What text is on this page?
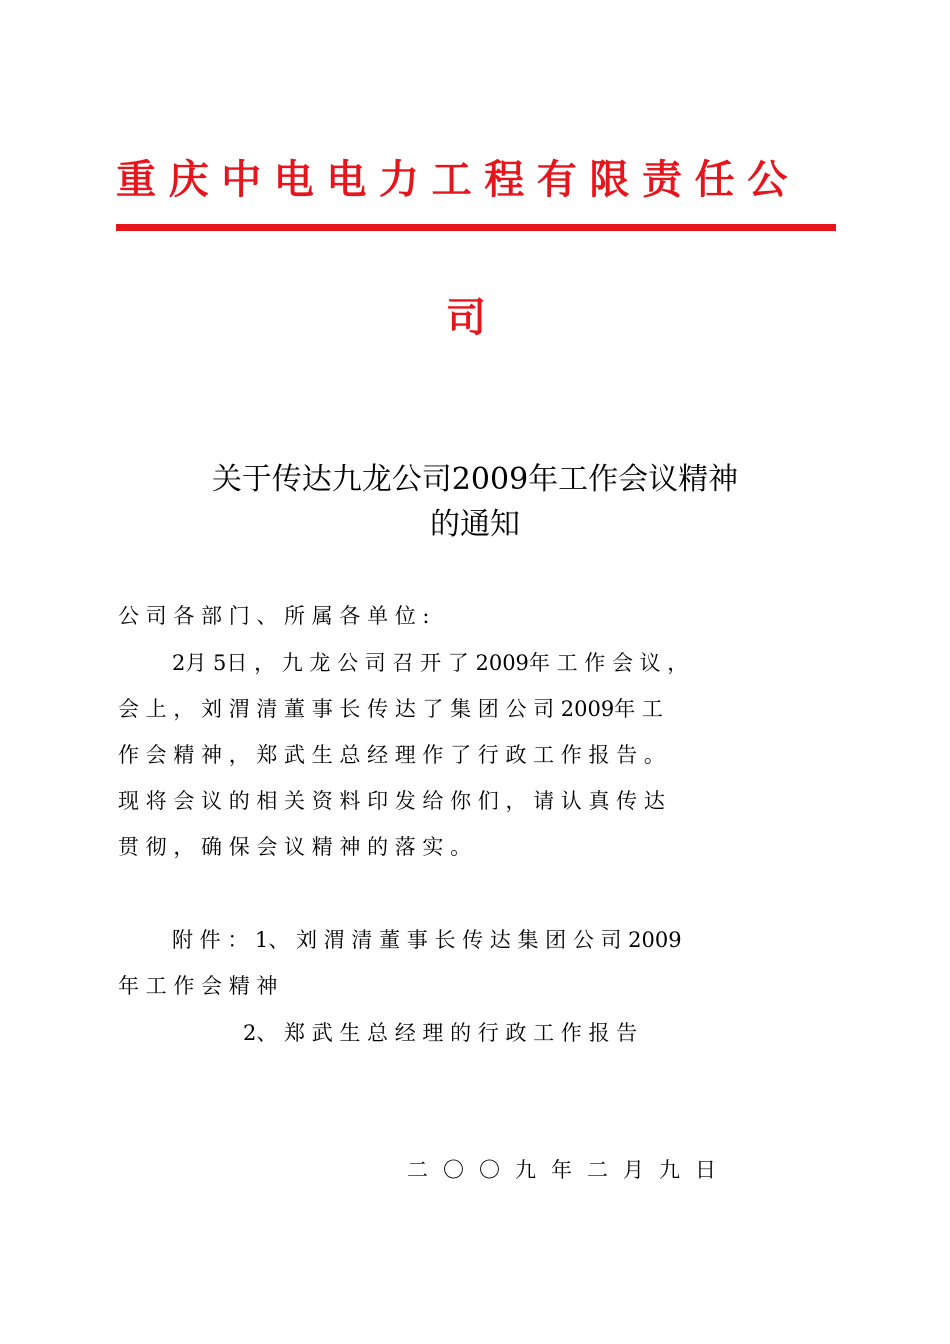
重庆中电电力工程有限责任公
司
关于传达九龙公司2009年工作会议精神
的通知
公 司 各 部 门 、 所 属 各 单 位 :
2月 5日 ， 九 龙 公 司 召 开 了 2009年 工 作 会 议 ，
会 上 ， 刘 渭 清 董 事 长 传 达 了 集 团 公 司 2009年 工
作 会 精 神 ， 郑 武 生 总 经 理 作 了 行 政 工 作 报 告 。
现 将 会 议 的 相 关 资 料 印 发 给 你 们 ， 请 认 真 传 达
贯 彻 ， 确 保 会 议 精 神 的 落 实 。
附 件 ： 1、 刘 渭 清 董 事 长 传 达 集 团 公 司 2009
年 工 作 会 精 神
2、 郑 武 生 总 经 理 的 行 政 工 作 报 告
二〇〇九年二月九日
